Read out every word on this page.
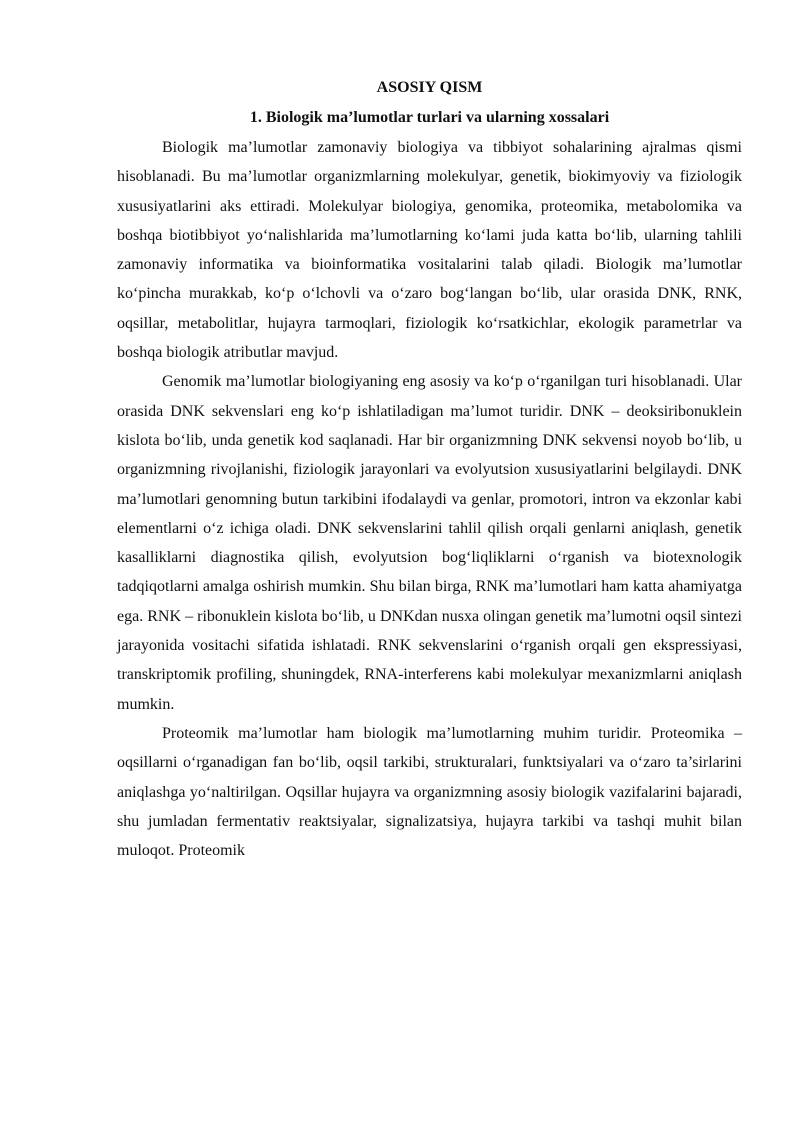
ASOSIY QISM
1. Biologik ma’lumotlar turlari va ularning xossalari

Biologik ma’lumotlar zamonaviy biologiya va tibbiyot sohalarining ajralmas qismi hisoblanadi. Bu ma’lumotlar organizmlarning molekulyar, genetik, biokimyoviy va fiziologik xususiyatlarini aks ettiradi. Molekulyar biologiya, genomika, proteomika, metabolomika va boshqa biotibbiyot yo‘nalishlarida ma’lumotlarning ko‘lami juda katta bo‘lib, ularning tahlili zamonaviy informatika va bioinformatika vositalarini talab qiladi. Biologik ma’lumotlar ko‘pincha murakkab, ko‘p o‘lchovli va o‘zaro bog‘langan bo‘lib, ular orasida DNK, RNK, oqsillar, metabolitlar, hujayra tarmoqlari, fiziologik ko‘rsatkichlar, ekologik parametrlar va boshqa biologik atributlar mavjud.

Genomik ma’lumotlar biologiyaning eng asosiy va ko‘p o‘rganilgan turi hisoblanadi. Ular orasida DNK sekvenslari eng ko‘p ishlatiladigan ma’lumot turidir. DNK – deoksiribonuklein kislota bo‘lib, unda genetik kod saqlanadi. Har bir organizmning DNK sekvensi noyob bo‘lib, u organizmning rivojlanishi, fiziologik jarayonlari va evolyutsion xususiyatlarini belgilaydi. DNK ma’lumotlari genomning butun tarkibini ifodalaydi va genlar, promotori, intron va ekzonlar kabi elementlarni o‘z ichiga oladi. DNK sekvenslarini tahlil qilish orqali genlarni aniqlash, genetik kasalliklarni diagnostika qilish, evolyutsion bog‘liqliklarni o‘rganish va biotexnologik tadqiqotlarni amalga oshirish mumkin. Shu bilan birga, RNK ma’lumotlari ham katta ahamiyatga ega. RNK – ribonuklein kislota bo‘lib, u DNKdan nusxa olingan genetik ma’lumotni oqsil sintezi jarayonida vositachi sifatida ishlatadi. RNK sekvenslarini o‘rganish orqali gen ekspressiyasi, transkriptomik profiling, shuningdek, RNA-interferens kabi molekulyar mexanizmlarni aniqlash mumkin.

Proteomik ma’lumotlar ham biologik ma’lumotlarning muhim turidir. Proteomika – oqsillarni o‘rganadigan fan bo‘lib, oqsil tarkibi, strukturalari, funktsiyalari va o‘zaro ta’sirlarini aniqlashga yo‘naltirilgan. Oqsillar hujayra va organizmning asosiy biologik vazifalarini bajaradi, shu jumladan fermentativ reaktsiyalar, signalizatsiya, hujayra tarkibi va tashqi muhit bilan muloqot. Proteomik
